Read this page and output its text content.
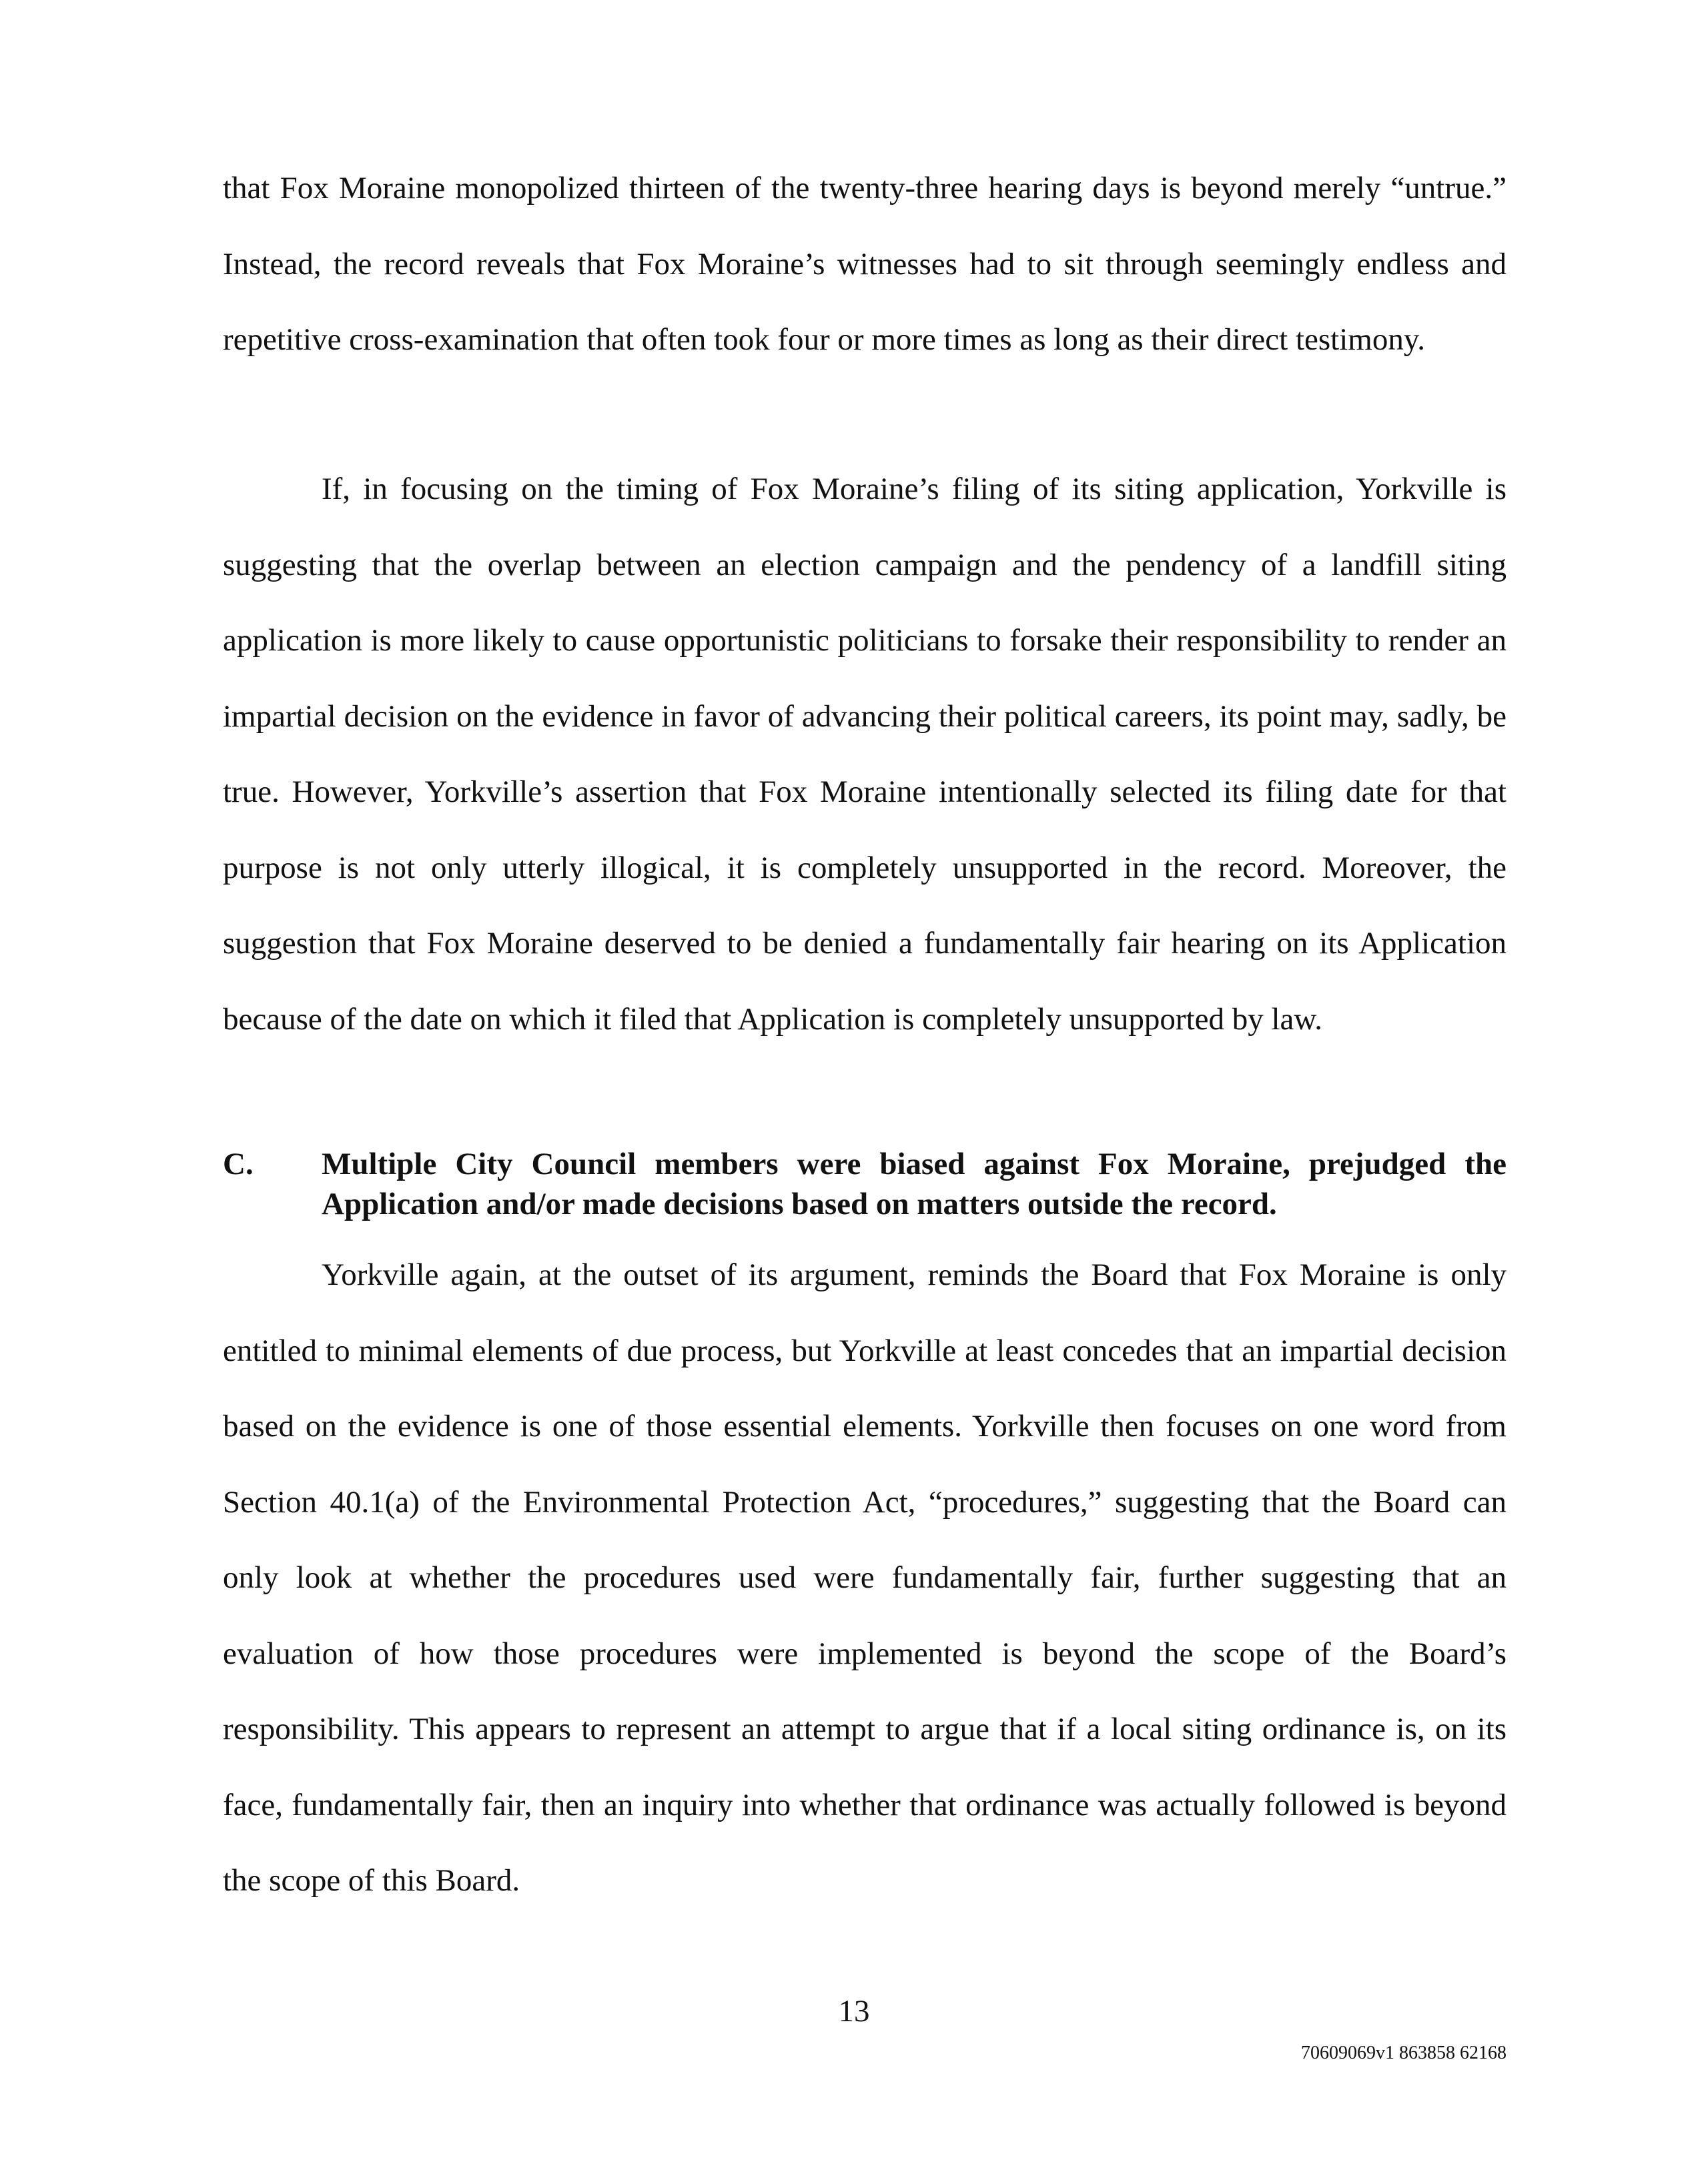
that Fox Moraine monopolized thirteen of the twenty-three hearing days is beyond merely “untrue.” Instead, the record reveals that Fox Moraine’s witnesses had to sit through seemingly endless and repetitive cross-examination that often took four or more times as long as their direct testimony.

If, in focusing on the timing of Fox Moraine’s filing of its siting application, Yorkville is suggesting that the overlap between an election campaign and the pendency of a landfill siting application is more likely to cause opportunistic politicians to forsake their responsibility to render an impartial decision on the evidence in favor of advancing their political careers, its point may, sadly, be true. However, Yorkville’s assertion that Fox Moraine intentionally selected its filing date for that purpose is not only utterly illogical, it is completely unsupported in the record. Moreover, the suggestion that Fox Moraine deserved to be denied a fundamentally fair hearing on its Application because of the date on which it filed that Application is completely unsupported by law.

C.	Multiple City Council members were biased against Fox Moraine, prejudged the Application and/or made decisions based on matters outside the record.

Yorkville again, at the outset of its argument, reminds the Board that Fox Moraine is only entitled to minimal elements of due process, but Yorkville at least concedes that an impartial decision based on the evidence is one of those essential elements. Yorkville then focuses on one word from Section 40.1(a) of the Environmental Protection Act, “procedures,” suggesting that the Board can only look at whether the procedures used were fundamentally fair, further suggesting that an evaluation of how those procedures were implemented is beyond the scope of the Board’s responsibility. This appears to represent an attempt to argue that if a local siting ordinance is, on its face, fundamentally fair, then an inquiry into whether that ordinance was actually followed is beyond the scope of this Board.

13
70609069v1 863858 62168
